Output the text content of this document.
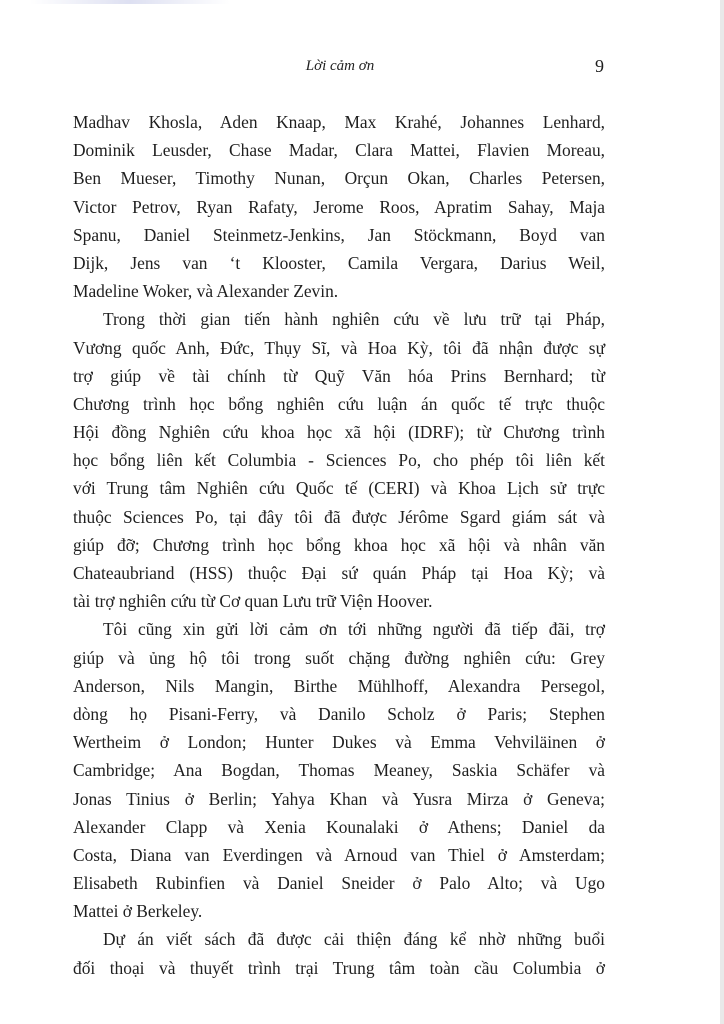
Lời cảm ơn	9
Madhav Khosla, Aden Knaap, Max Krahé, Johannes Lenhard,
Dominik Leusder, Chase Madar, Clara Mattei, Flavien Moreau,
Ben Mueser, Timothy Nunan, Orçun Okan, Charles Petersen,
Victor Petrov, Ryan Rafaty, Jerome Roos, Apratim Sahay, Maja
Spanu, Daniel Steinmetz-Jenkins, Jan Stöckmann, Boyd van
Dijk, Jens van ‘t Klooster, Camila Vergara, Darius Weil,
Madeline Woker, và Alexander Zevin.
Trong thời gian tiến hành nghiên cứu về lưu trữ tại Pháp,
Vương quốc Anh, Đức, Thụy Sĩ, và Hoa Kỳ, tôi đã nhận được sự
trợ giúp về tài chính từ Quỹ Văn hóa Prins Bernhard; từ
Chương trình học bổng nghiên cứu luận án quốc tế trực thuộc
Hội đồng Nghiên cứu khoa học xã hội (IDRF); từ Chương trình
học bổng liên kết Columbia - Sciences Po, cho phép tôi liên kết
với Trung tâm Nghiên cứu Quốc tế (CERI) và Khoa Lịch sử trực
thuộc Sciences Po, tại đây tôi đã được Jérôme Sgard giám sát và
giúp đỡ; Chương trình học bổng khoa học xã hội và nhân văn
Chateaubriand (HSS) thuộc Đại sứ quán Pháp tại Hoa Kỳ; và
tài trợ nghiên cứu từ Cơ quan Lưu trữ Viện Hoover.
Tôi cũng xin gửi lời cảm ơn tới những người đã tiếp đãi, trợ
giúp và ủng hộ tôi trong suốt chặng đường nghiên cứu: Grey
Anderson, Nils Mangin, Birthe Mühlhoff, Alexandra Persegol,
dòng họ Pisani-Ferry, và Danilo Scholz ở Paris; Stephen
Wertheim ở London; Hunter Dukes và Emma Vehviläinen ở
Cambridge; Ana Bogdan, Thomas Meaney, Saskia Schäfer và
Jonas Tinius ở Berlin; Yahya Khan và Yusra Mirza ở Geneva;
Alexander Clapp và Xenia Kounalaki ở Athens; Daniel da
Costa, Diana van Everdingen và Arnoud van Thiel ở Amsterdam;
Elisabeth Rubinfien và Daniel Sneider ở Palo Alto; và Ugo
Mattei ở Berkeley.
Dự án viết sách đã được cải thiện đáng kể nhờ những buổi
đối thoại và thuyết trình trại Trung tâm toàn cầu Columbia ở
